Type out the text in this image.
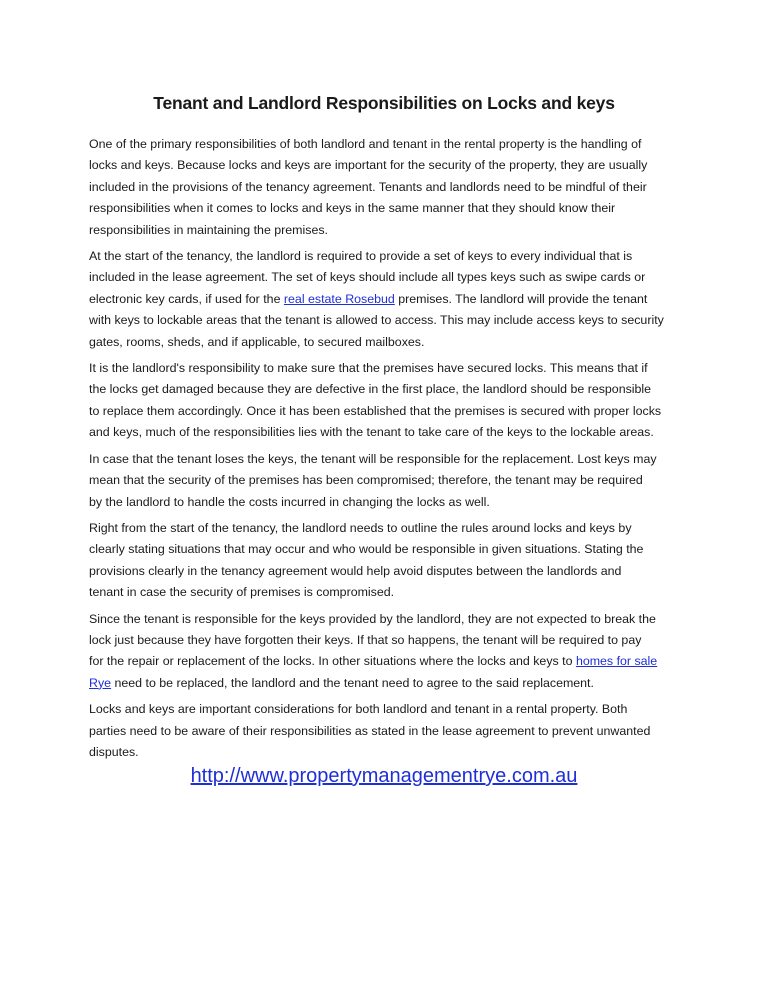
Tenant and Landlord Responsibilities on Locks and keys
One of the primary responsibilities of both landlord and tenant in the rental property is the handling of
locks and keys. Because locks and keys are important for the security of the property, they are usually
included in the provisions of the tenancy agreement. Tenants and landlords need to be mindful of their
responsibilities when it comes to locks and keys in the same manner that they should know their
responsibilities in maintaining the premises.
At the start of the tenancy, the landlord is required to provide a set of keys to every individual that is
included in the lease agreement. The set of keys should include all types keys such as swipe cards or
electronic key cards, if used for the real estate Rosebud premises. The landlord will provide the tenant
with keys to lockable areas that the tenant is allowed to access. This may include access keys to security
gates, rooms, sheds, and if applicable, to secured mailboxes.
It is the landlord's responsibility to make sure that the premises have secured locks. This means that if
the locks get damaged because they are defective in the first place, the landlord should be responsible
to replace them accordingly. Once it has been established that the premises is secured with proper locks
and keys, much of the responsibilities lies with the tenant to take care of the keys to the lockable areas.
In case that the tenant loses the keys, the tenant will be responsible for the replacement. Lost keys may
mean that the security of the premises has been compromised; therefore, the tenant may be required
by the landlord to handle the costs incurred in changing the locks as well.
Right from the start of the tenancy, the landlord needs to outline the rules around locks and keys by
clearly stating situations that may occur and who would be responsible in given situations. Stating the
provisions clearly in the tenancy agreement would help avoid disputes between the landlords and
tenant in case the security of premises is compromised.
Since the tenant is responsible for the keys provided by the landlord, they are not expected to break the
lock just because they have forgotten their keys. If that so happens, the tenant will be required to pay
for the repair or replacement of the locks. In other situations where the locks and keys to homes for sale
Rye need to be replaced, the landlord and the tenant need to agree to the said replacement.
Locks and keys are important considerations for both landlord and tenant in a rental property. Both
parties need to be aware of their responsibilities as stated in the lease agreement to prevent unwanted
disputes.
http://www.propertymanagementrye.com.au
